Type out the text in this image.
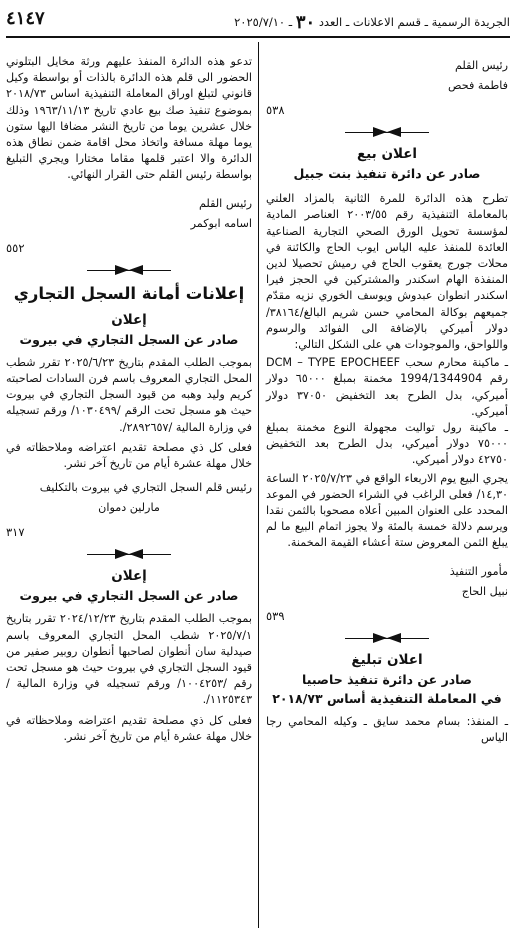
٤١٤٧	الجريدة الرسمية ـ قسم الاعلانات ـ العدد ٣٠ ـ ٢٠٢٥/٧/١٠
رئيس القلم
فاطمة فحص
٥٣٨
اعلان بيع
صادر عن دائرة تنفيذ بنت جبيل

تطرح هذه الدائرة للمرة الثانية بالمزاد العلني بالمعاملة التنفيذية رقم ٢٠٠٣/٥٥ العناصر المادية لمؤسسة تحويل الورق الصحي التجارية الصناعية العائدة للمنفذ عليه الياس ايوب الحاج والكائنة في محلات جورج يعقوب الحاج في رميش تحصيلا لدين المنفذة الهام اسكندر والمشتركين في الحجز فيرا اسكندر انطوان عبدوش ويوسف الخوري نزيه مقدّم جميعهم بوكالة المحامي حسن شريم البالغ/٣٨١٦٤/ دولار أميركي بالإضافة الى الفوائد والرسوم واللواحق، والموجودات هي على الشكل التالي:

ـ ماكينة محارم سحب DCM – TYPE EPOCHEEF رقم 1994/1344904 مخمنة بمبلغ ٦٥٠٠٠ دولار أميركي، بدل الطرح بعد التخفيض ٣٧٠٥٠ دولار أميركي.

ـ ماكينة رول تواليت مجهولة النوع مخمنة بمبلغ ٧٥٠٠٠ دولار أميركي، بدل الطرح بعد التخفيض ٤٢٧٥٠ دولار أميركي.

يجري البيع يوم الاربعاء الواقع في ٢٠٢٥/٧/٢٣ الساعة ١٤,٣٠/ فعلى الراغب في الشراء الحضور في الموعد المحدد على العنوان المبين أعلاه مصحوبا بالثمن نقدا ويرسم دلالة خمسة بالمئة ولا يجوز اتمام البيع ما لم يبلغ الثمن المعروض ستة أعشاء القيمة المخمنة.

مأمور التنفيذ
نبيل الحاج
٥٣٩
اعلان تبليغ
صادر عن دائرة تنفيذ حاصبيا
في المعاملة التنفيذية أساس ٢٠١٨/٧٣

ـ المنفذ: بسام محمد سايق ـ وكيله المحامي رجا الياس

تدعو هذه الدائرة المنفذ عليهم ورثة مخايل البتلوني الحضور الى قلم هذه الدائرة بالذات أو بواسطة وكيل قانوني لتبلغ اوراق المعاملة التنفيذية اساس ٢٠١٨/٧٣ بموضوع تنفيذ صك بيع عادي تاريخ ١٩٦٣/١١/١٣ وذلك خلال عشرين يوما من تاريخ النشر مضافا اليها ستون يوما مهلة مسافة واتخاذ محل اقامة ضمن نطاق هذه الدائرة والا اعتبر قلمها مقاما مختارا ويجري التبليغ بواسطة رئيس القلم حتى القرار النهائي.

رئيس القلم
اسامه ابوكمر
٥٥٢
إعلانات أمانة السجل التجاري
إعلان
صادر عن السجل التجاري في بيروت

بموجب الطلب المقدم بتاريخ ٢٠٢٥/٦/٢٣ تقرر شطب المحل التجاري المعروف باسم فرن السادات لصاحبته كريم وليد وهبه من قيود السجل التجاري في بيروت حيث هو مسجل تحت الرقم /١٠٣٠٤٩٩/ ورقم تسجيله في وزارة المالية /٢٨٩٢٦٥٧/.

فعلى كل ذي مصلحة تقديم اعتراضه وملاحظاته في خلال مهلة عشرة أيام من تاريخ آخر نشر.

رئيس قلم السجل التجاري في بيروت بالتكليف
مارلين دموان
٣١٧
إعلان
صادر عن السجل التجاري في بيروت

بموجب الطلب المقدم بتاريخ ٢٠٢٤/١٢/٢٣ تقرر بتاريخ ٢٠٢٥/٧/١ شطب المحل التجاري المعروف باسم صيدلية سان أنطوان لصاحبها أنطوان روبير صفير من قيود السجل التجاري في بيروت حيث هو مسجل تحت رقم /١٠٠٤٢٥٣/ ورقم تسجيله في وزارة المالية /١١٢٥٣٤٣/.

فعلى كل ذي مصلحة تقديم اعتراضه وملاحظاته في خلال مهلة عشرة أيام من تاريخ آخر نشر.
